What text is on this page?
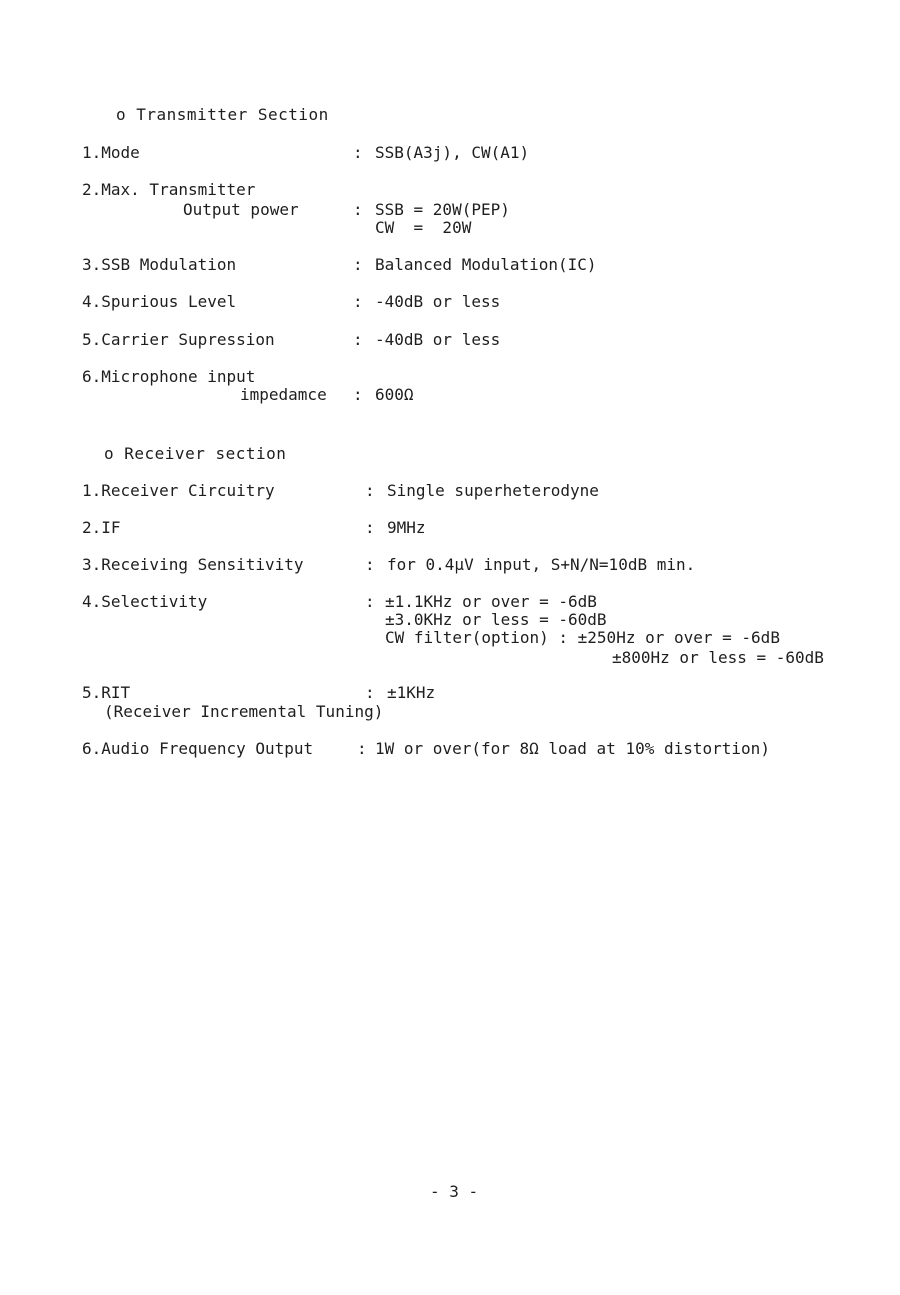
o Transmitter Section
1.Mode	: SSB(A3j), CW(A1)
2.Max. Transmitter
Output power	: SSB = 20W(PEP)
CW  =  20W
3.SSB Modulation	: Balanced Modulation(IC)
4.Spurious Level	: -40dB or less
5.Carrier Supression	: -40dB or less
6.Microphone input
impedamce : 600Ω
o Receiver section
1.Receiver Circuitry	: Single superheterodyne
2.IF	: 9MHz
3.Receiving Sensitivity	: for 0.4μV input, S+N/N=10dB min.
4.Selectivity	: ±1.1KHz or over = -6dB
±3.0KHz or less = -60dB
CW filter(option) : ±250Hz or over = -6dB
±800Hz or less = -60dB
5.RIT	: ±1KHz
(Receiver Incremental Tuning)
6.Audio Frequency Output	: 1W or over(for 8Ω load at 10% distortion)
- 3 -
